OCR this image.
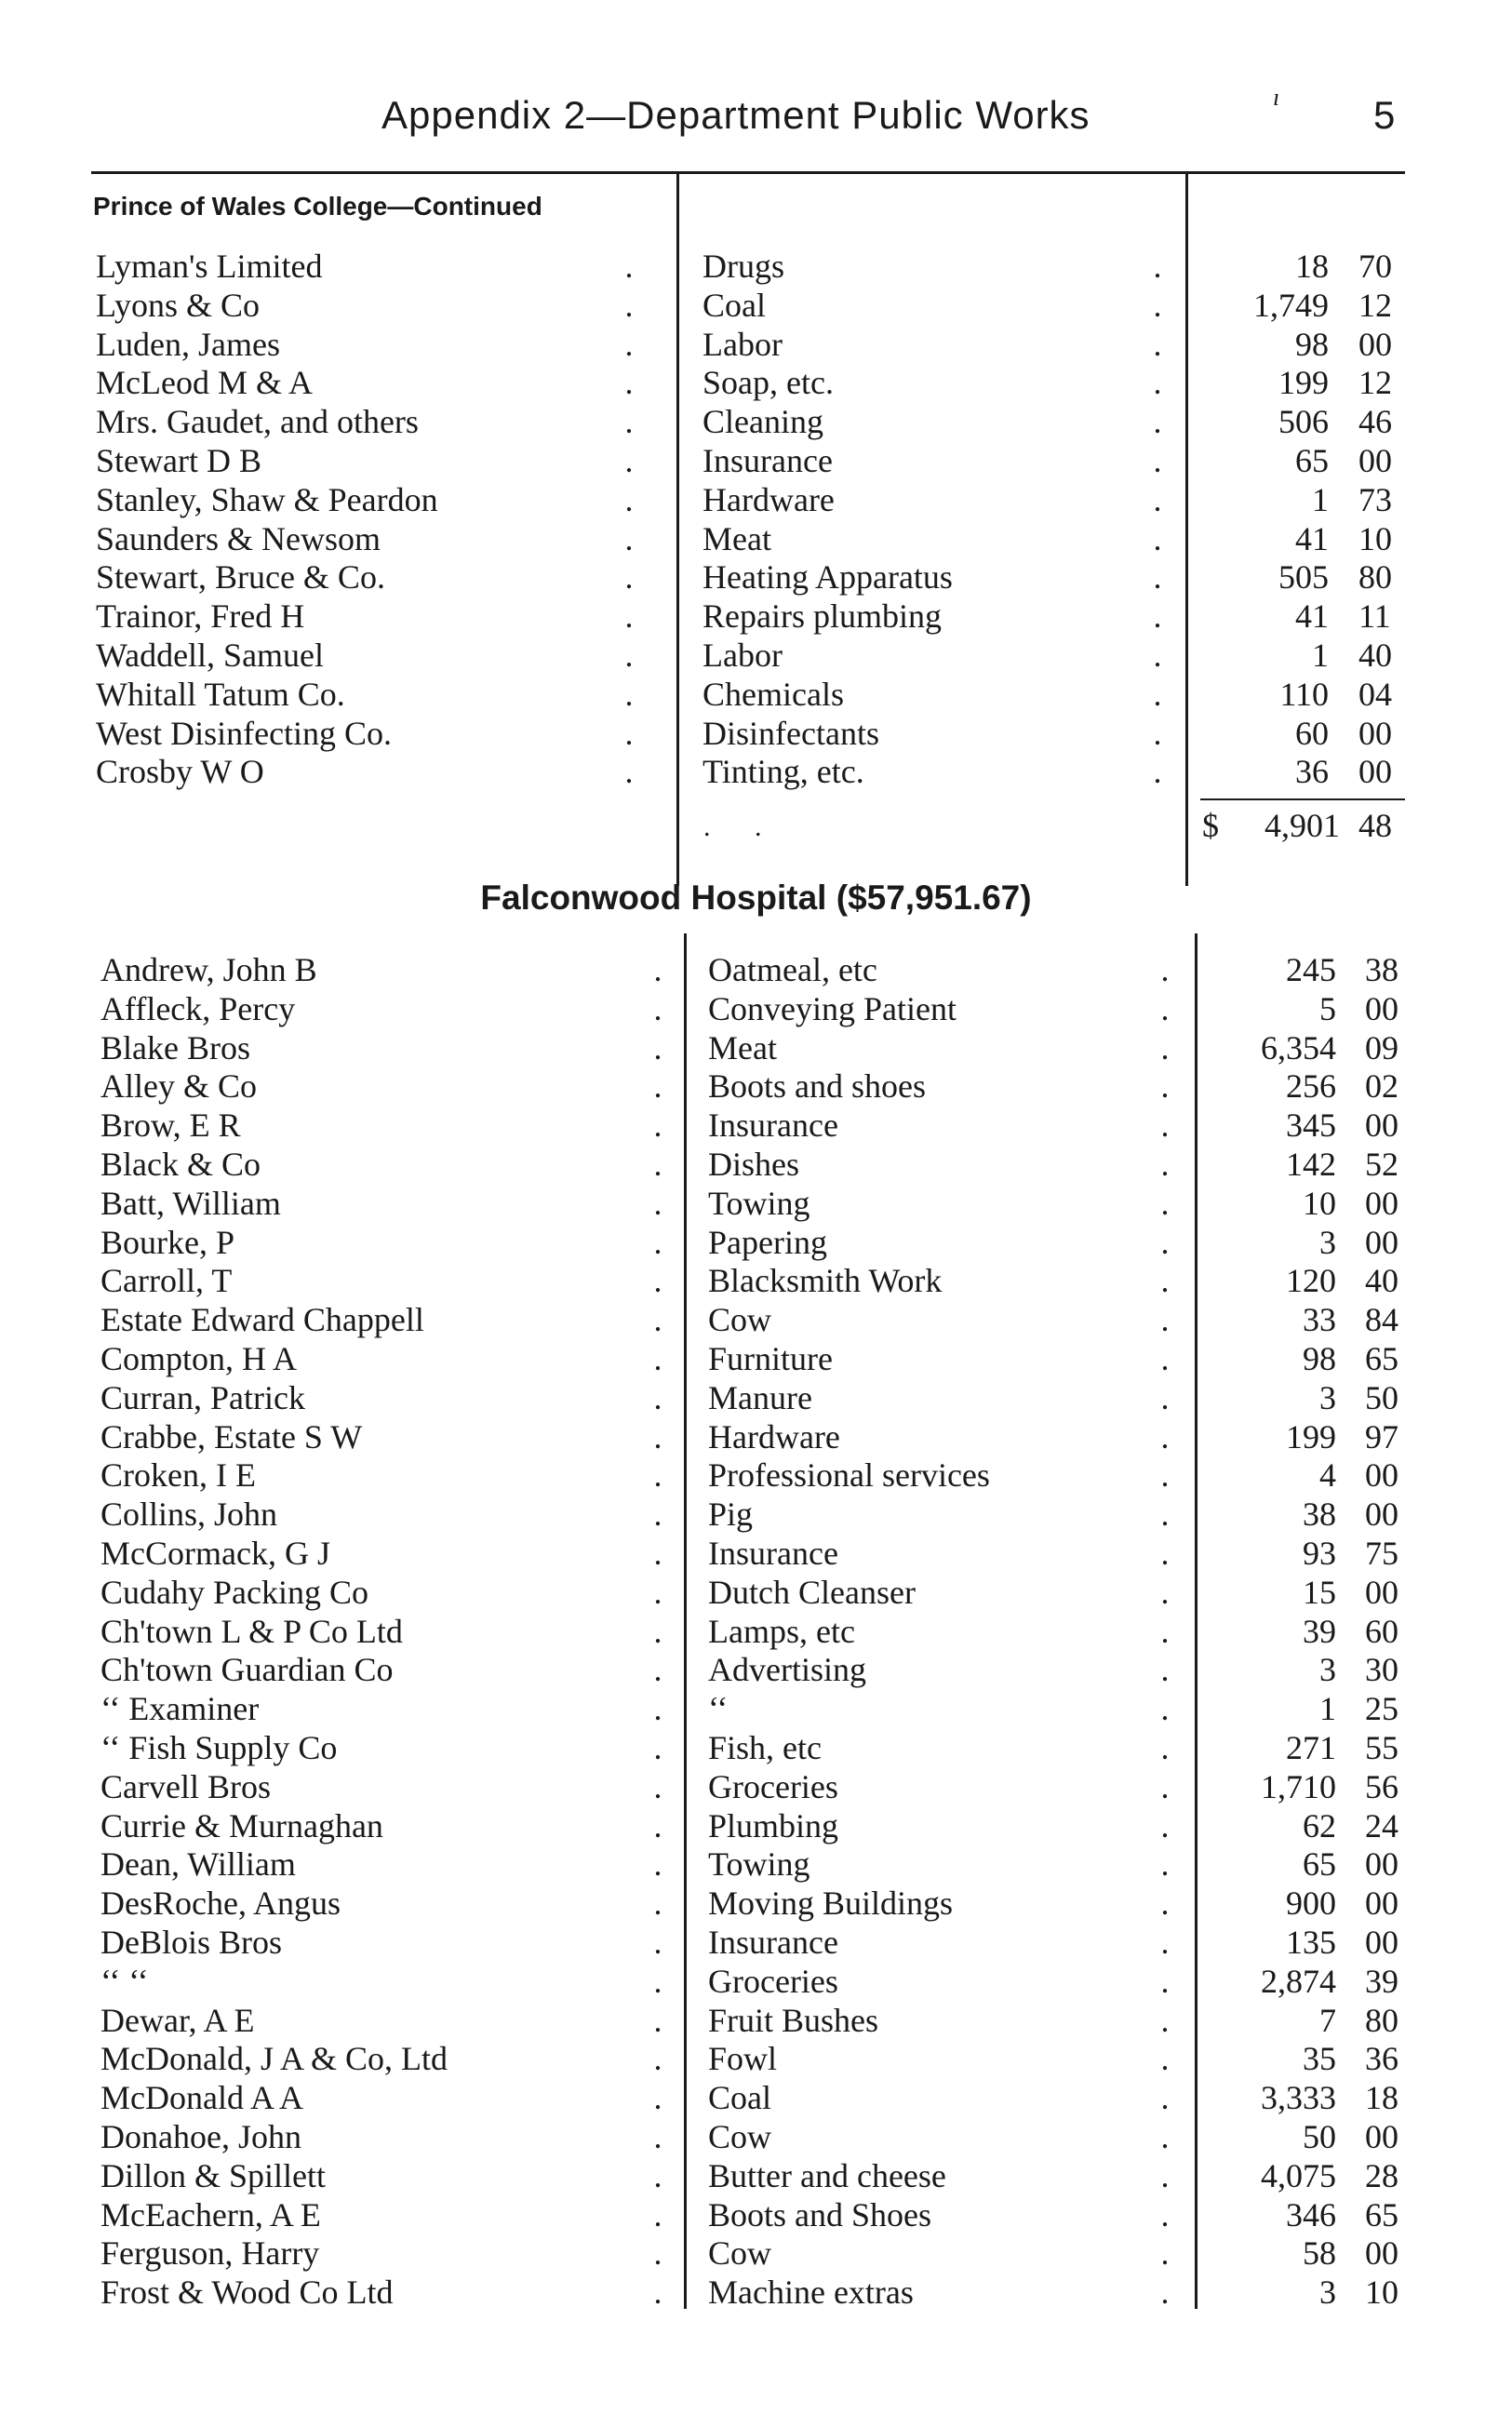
Appendix 2—Department Public Works	ı 5
Prince of Wales College—Continued
Lyman's Limited	. Drugs	.	18 70
Lyons & Co	. Coal	.	1,749 12
Luden, James	. Labor	.	98 00
McLeod M & A	. Soap, etc.	.	199 12
Mrs. Gaudet, and others	. Cleaning	.	506 46
Stewart D B	. Insurance	.	65 00
Stanley, Shaw & Peardon	. Hardware	.	1 73
Saunders & Newsom	. Meat	.	41 10
Stewart, Bruce & Co.	. Heating Apparatus	.	505 80
Trainor, Fred H	. Repairs plumbing	.	41 11
Waddell, Samuel	. Labor	.	1 40
Whitall Tatum Co.	. Chemicals	.	110 04
West Disinfecting Co.	. Disinfectants	.	60 00
Crosby W O	. Tinting, etc.	.	36 00
. .	$	4,901 48
Falconwood Hospital ($57,951.67)
Andrew, John B	. Oatmeal, etc	.	245 38
Affleck, Percy	. Conveying Patient	.	5 00
Blake Bros	. Meat	.	6,354 09
Alley & Co	. Boots and shoes	.	256 02
Brow, E R	. Insurance	.	345 00
Black & Co	. Dishes	.	142 52
Batt, William	. Towing	.	10 00
Bourke, P	. Papering	.	3 00
Carroll, T	. Blacksmith Work	.	120 40
Estate Edward Chappell	. Cow	.	33 84
Compton, H A	. Furniture	.	98 65
Curran, Patrick	. Manure	.	3 50
Crabbe, Estate S W	. Hardware	.	199 97
Croken, I E	. Professional services	.	4 00
Collins, John	. Pig	.	38 00
McCormack, G J	. Insurance	.	93 75
Cudahy Packing Co	. Dutch Cleanser	.	15 00
Ch'town L & P Co Ltd	. Lamps, etc	.	39 60
Ch'town Guardian Co	. Advertising	.	3 30
‘‘ Examiner	. ‘‘	.	1 25
‘‘ Fish Supply Co	. Fish, etc	.	271 55
Carvell Bros	. Groceries	.	1,710 56
Currie & Murnaghan	. Plumbing	.	62 24
Dean, William	. Towing	.	65 00
DesRoche, Angus	. Moving Buildings	.	900 00
DeBlois Bros	. Insurance	.	135 00
‘‘ ‘‘	. Groceries	.	2,874 39
Dewar, A E	. Fruit Bushes	.	7 80
McDonald, J A & Co, Ltd	. Fowl	.	35 36
McDonald A A	. Coal	.	3,333 18
Donahoe, John	. Cow	.	50 00
Dillon & Spillett	. Butter and cheese	.	4,075 28
McEachern, A E	. Boots and Shoes	.	346 65
Ferguson, Harry	. Cow	.	58 00
Frost & Wood Co Ltd	. Machine extras	.	3 10
